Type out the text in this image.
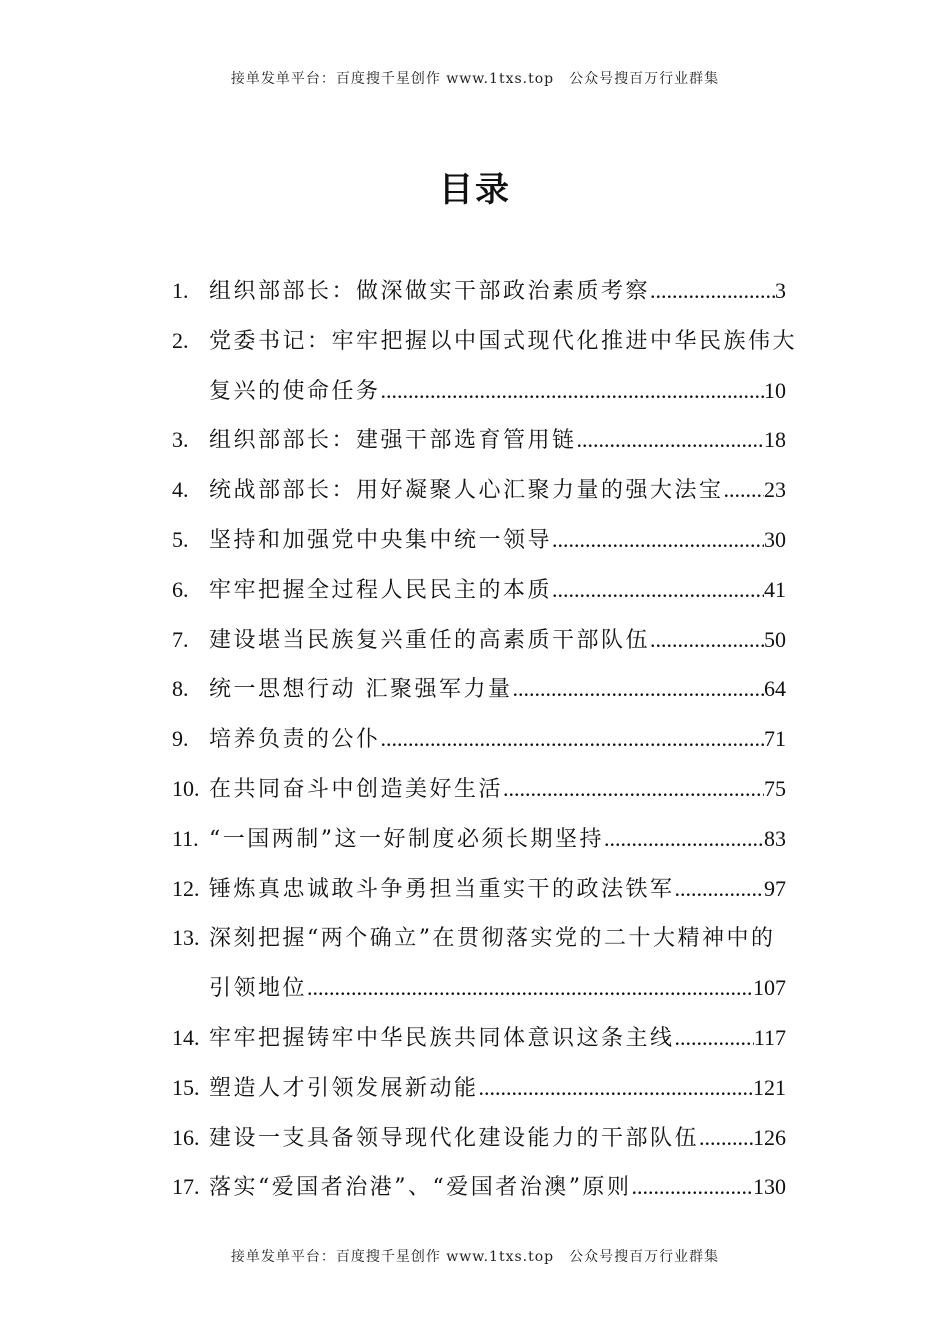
接单发单平台：百度搜千星创作 www.1txs.top　公众号搜百万行业群集
目录
1. 组织部部长：做深做实干部政治素质考察 .....	3
2. 党委书记：牢牢把握以中国式现代化推进中华民族伟大
复兴的使命任务 .....	10
3. 组织部部长：建强干部选育管用链 .....	18
4. 统战部部长：用好凝聚人心汇聚力量的强大法宝 ..... 23
5. 坚持和加强党中央集中统一领导 .....	30
6. 牢牢把握全过程人民民主的本质 .....	41
7. 建设堪当民族复兴重任的高素质干部队伍 .....	50
8. 统一思想行动 汇聚强军力量 .....	64
9. 培养负责的公仆 .....	71
10. 在共同奋斗中创造美好生活 .....	75
11. “一国两制”这一好制度必须长期坚持 .....	83
12. 锤炼真忠诚敢斗争勇担当重实干的政法铁军 .....	97
13. 深刻把握“两个确立”在贯彻落实党的二十大精神中的
引领地位 .....	107
14. 牢牢把握铸牢中华民族共同体意识这条主线 .....	117
15. 塑造人才引领发展新动能 .....	121
16. 建设一支具备领导现代化建设能力的干部队伍 ..... 126
17. 落实“爱国者治港”、“爱国者治澳”原则 .....	130
接单发单平台：百度搜千星创作 www.1txs.top　公众号搜百万行业群集
